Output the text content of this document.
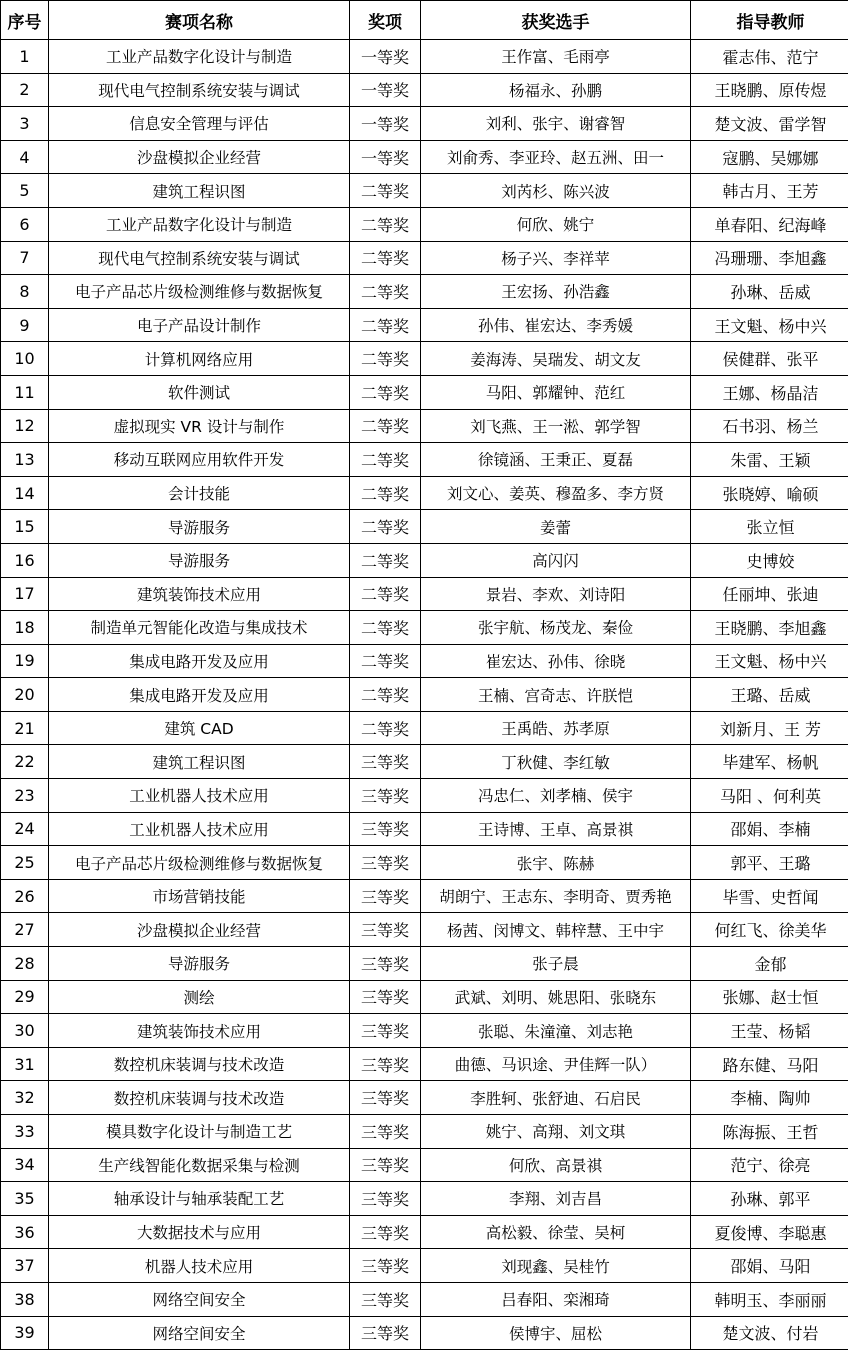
序号	赛项名称	奖项	获奖选手	指导教师
1	工业产品数字化设计与制造	一等奖	王作富、毛雨亭	霍志伟、范宁
2	现代电气控制系统安装与调试	一等奖	杨福永、孙鹏	王晓鹏、原传煜
3	信息安全管理与评估	一等奖	刘利、张宇、谢睿智	楚文波、雷学智
4	沙盘模拟企业经营	一等奖	刘俞秀、李亚玲、赵五洲、田一	寇鹏、吴娜娜
5	建筑工程识图	二等奖	刘芮杉、陈兴波	韩古月、王芳
6	工业产品数字化设计与制造	二等奖	何欣、姚宁	单春阳、纪海峰
7	现代电气控制系统安装与调试	二等奖	杨子兴、李祥苹	冯珊珊、李旭鑫
8	电子产品芯片级检测维修与数据恢复	二等奖	王宏扬、孙浩鑫	孙琳、岳威
9	电子产品设计制作	二等奖	孙伟、崔宏达、李秀媛	王文魁、杨中兴
10	计算机网络应用	二等奖	姜海涛、吴瑞发、胡文友	侯健群、张平
11	软件测试	二等奖	马阳、郭耀钟、范红	王娜、杨晶洁
12	虚拟现实 VR 设计与制作	二等奖	刘飞燕、王一淞、郭学智	石书羽、杨兰
13	移动互联网应用软件开发	二等奖	徐镜涵、王秉正、夏磊	朱雷、王颖
14	会计技能	二等奖	刘文心、姜英、穆盈多、李方贤	张晓婷、喻硕
15	导游服务	二等奖	姜蕾	张立恒
16	导游服务	二等奖	高闪闪	史博姣
17	建筑装饰技术应用	二等奖	景岩、李欢、刘诗阳	任丽坤、张迪
18	制造单元智能化改造与集成技术	二等奖	张宇航、杨茂龙、秦俭	王晓鹏、李旭鑫
19	集成电路开发及应用	二等奖	崔宏达、孙伟、徐晓	王文魁、杨中兴
20	集成电路开发及应用	二等奖	王楠、宫奇志、许朕恺	王璐、岳威
21	建筑 CAD	二等奖	王禹皓、苏孝原	刘新月、王 芳
22	建筑工程识图	三等奖	丁秋健、李红敏	毕建军、杨帆
23	工业机器人技术应用	三等奖	冯忠仁、刘孝楠、侯宇	马阳 、何利英
24	工业机器人技术应用	三等奖	王诗博、王卓、高景祺	邵娟、李楠
25	电子产品芯片级检测维修与数据恢复	三等奖	张宇、陈赫	郭平、王璐
26	市场营销技能	三等奖	胡朗宁、王志东、李明奇、贾秀艳	毕雪、史哲闻
27	沙盘模拟企业经营	三等奖	杨茜、闵博文、韩梓慧、王中宇	何红飞、徐美华
28	导游服务	三等奖	张子晨	金郁
29	测绘	三等奖	武斌、刘明、姚思阳、张晓东	张娜、赵士恒
30	建筑装饰技术应用	三等奖	张聪、朱潼潼、刘志艳	王莹、杨韬
31	数控机床装调与技术改造	三等奖	曲德、马识途、尹佳辉一队）	路东健、马阳
32	数控机床装调与技术改造	三等奖	李胜轲、张舒迪、石启民	李楠、陶帅
33	模具数字化设计与制造工艺	三等奖	姚宁、高翔、刘文琪	陈海振、王哲
34	生产线智能化数据采集与检测	三等奖	何欣、高景祺	范宁、徐亮
35	轴承设计与轴承装配工艺	三等奖	李翔、刘吉昌	孙琳、郭平
36	大数据技术与应用	三等奖	高松毅、徐莹、吴柯	夏俊博、李聪惠
37	机器人技术应用	三等奖	刘现鑫、吴桂竹	邵娟、马阳
38	网络空间安全	三等奖	吕春阳、栾湘琦	韩明玉、李丽丽
39	网络空间安全	三等奖	侯博宇、屈松	楚文波、付岩
